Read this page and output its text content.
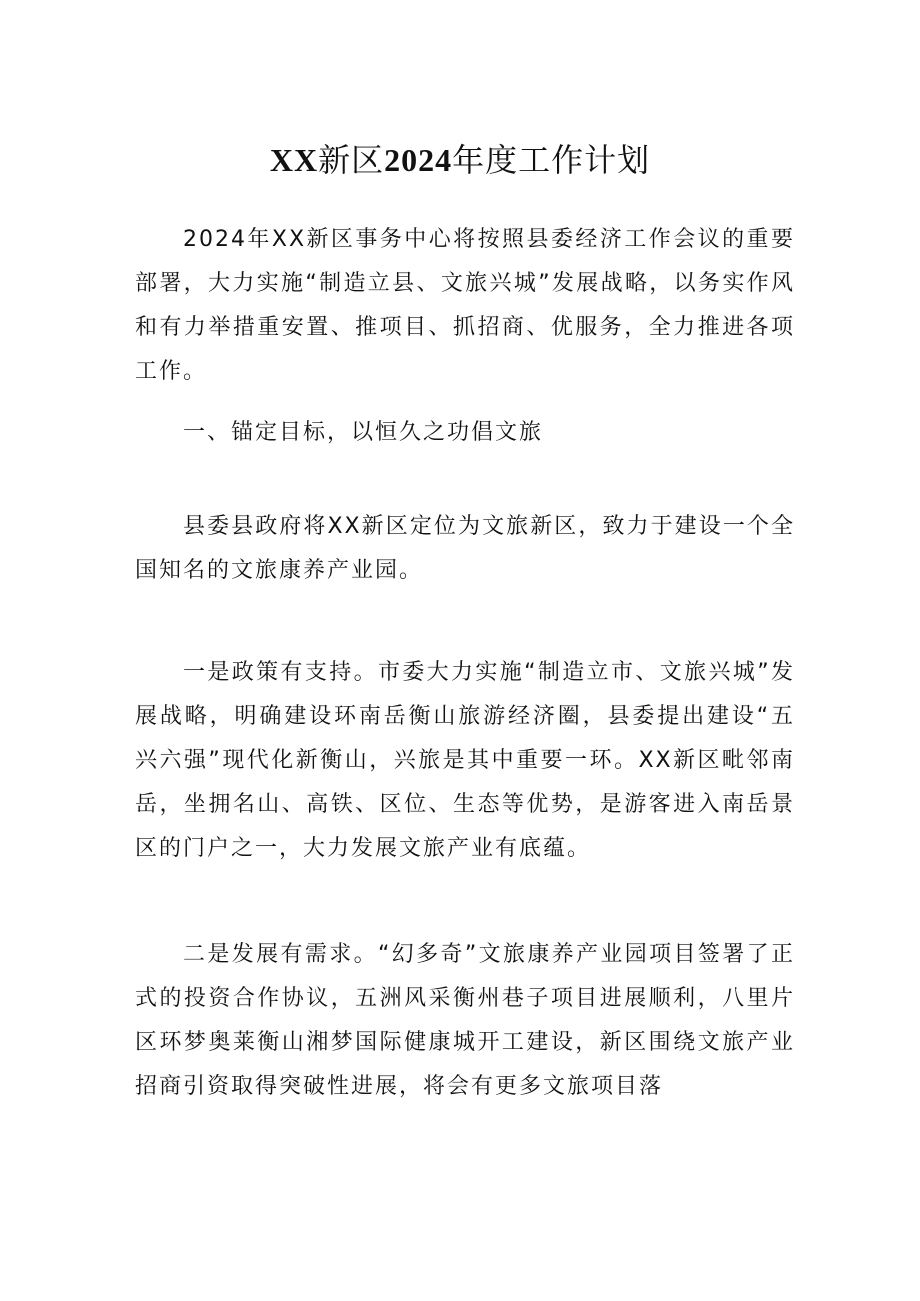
XX新区2024年度工作计划

2024年XX新区事务中心将按照县委经济工作会议的重要部署，大力实施“制造立县、文旅兴城”发展战略，以务实作风和有力举措重安置、推项目、抓招商、优服务，全力推进各项工作。

一、锚定目标，以恒久之功倡文旅

县委县政府将XX新区定位为文旅新区，致力于建设一个全国知名的文旅康养产业园。

一是政策有支持。市委大力实施“制造立市、文旅兴城”发展战略，明确建设环南岳衡山旅游经济圈，县委提出建设“五兴六强”现代化新衡山，兴旅是其中重要一环。XX新区毗邻南岳，坐拥名山、高铁、区位、生态等优势，是游客进入南岳景区的门户之一，大力发展文旅产业有底蕴。

二是发展有需求。“幻多奇”文旅康养产业园项目签署了正式的投资合作协议，五洲风采衡州巷子项目进展顺利，八里片区环梦奥莱衡山湘梦国际健康城开工建设，新区围绕文旅产业招商引资取得突破性进展，将会有更多文旅项目落
